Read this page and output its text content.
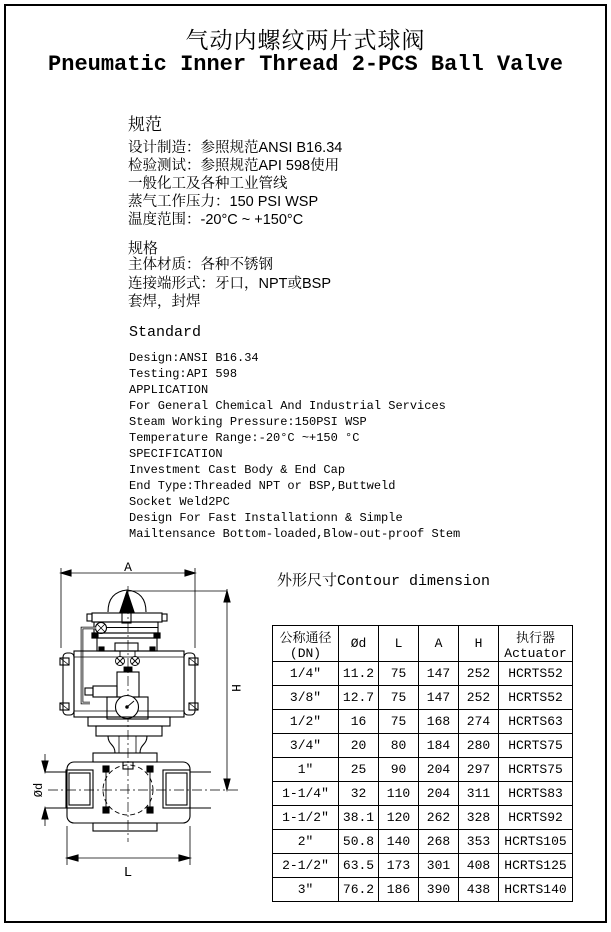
气动内螺纹两片式球阀
Pneumatic Inner Thread 2-PCS Ball Valve
规范
设计制造：参照规范ANSI B16.34
检验测试：参照规范API 598使用
一般化工及各种工业管线
蒸气工作压力：150 PSI WSP
温度范围：-20°C ~ +150°C
规格
主体材质：各种不锈钢
连接端形式：牙口，NPT或BSP
套焊，封焊
Standard
Design:ANSI B16.34
Testing:API 598
APPLICATION
For General Chemical And Industrial Services
Steam Working Pressure:150PSI WSP
Temperature Range:-20°C ~+150 °C
SPECIFICATION
Investment Cast Body & End Cap
End Type:Threaded NPT or BSP,Buttweld
Socket Weld2PC
Design For Fast Installationn & Simple
Mailtensance Bottom-loaded,Blow-out-proof Stem
外形尺寸Contour dimension
A
H
Ød
L
公称通径
(DN)

Ød	L	A	H	执行器
Actuator

1/4"	11.2	75	147	252	HCRTS52
3/8"	12.7	75	147	252	HCRTS52
1/2"	16	75	168	274	HCRTS63
3/4"	20	80	184	280	HCRTS75
1"	25	90	204	297	HCRTS75
1-1/4"	32	110	204	311	HCRTS83
1-1/2"	38.1	120	262	328	HCRTS92
2"	50.8	140	268	353	HCRTS105
2-1/2"	63.5	173	301	408	HCRTS125
3"	76.2	186	390	438	HCRTS140
